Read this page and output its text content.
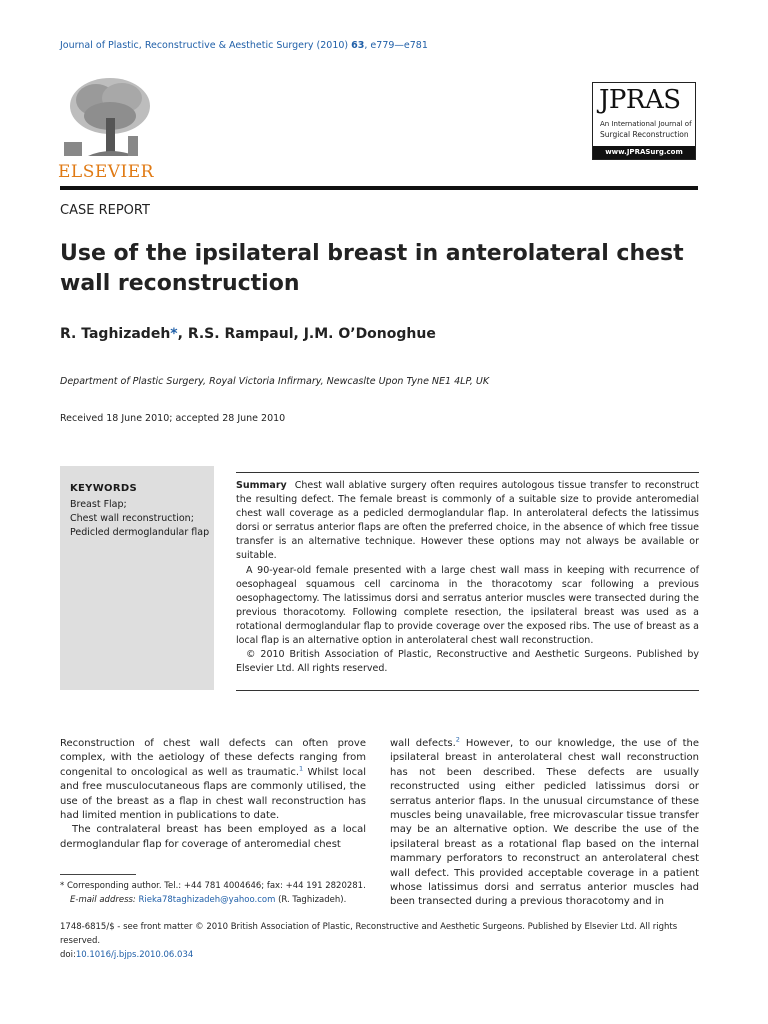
Journal of Plastic, Reconstructive & Aesthetic Surgery (2010) 63, e779—e781
ELSEVIER
JPRAS
An International Journal of
Surgical Reconstruction
www.JPRASurg.com
CASE REPORT
Use of the ipsilateral breast in anterolateral chest wall reconstruction
R. Taghizadeh*, R.S. Rampaul, J.M. O’Donoghue
Department of Plastic Surgery, Royal Victoria Infirmary, Newcaslte Upon Tyne NE1 4LP, UK
Received 18 June 2010; accepted 28 June 2010
KEYWORDS
Breast Flap;
Chest wall reconstruction;
Pedicled dermoglandular flap

Summary Chest wall ablative surgery often requires autologous tissue transfer to reconstruct the resulting defect. The female breast is commonly of a suitable size to provide anteromedial chest wall coverage as a pedicled dermoglandular flap. In anterolateral defects the latissimus dorsi or serratus anterior flaps are often the preferred choice, in the absence of which free tissue transfer is an alternative technique. However these options may not always be available or suitable.

A 90-year-old female presented with a large chest wall mass in keeping with recurrence of oesophageal squamous cell carcinoma in the thoracotomy scar following a previous oesophagectomy. The latissimus dorsi and serratus anterior muscles were transected during the previous thoracotomy. Following complete resection, the ipsilateral breast was used as a rotational dermoglandular flap to provide coverage over the exposed ribs. The use of breast as a local flap is an alternative option in anterolateral chest wall reconstruction.

© 2010 British Association of Plastic, Reconstructive and Aesthetic Surgeons. Published by Elsevier Ltd. All rights reserved.

Reconstruction of chest wall defects can often prove complex, with the aetiology of these defects ranging from congenital to oncological as well as traumatic.$^1$ Whilst local and free musculocutaneous flaps are commonly utilised, the use of the breast as a flap in chest wall reconstruction has had limited mention in publications to date.

The contralateral breast has been employed as a local dermoglandular flap for coverage of anteromedial chest

wall defects.$^2$ However, to our knowledge, the use of the ipsilateral breast in anterolateral chest wall reconstruction has not been described. These defects are usually reconstructed using either pedicled latissimus dorsi or serratus anterior flaps. In the unusual circumstance of these muscles being unavailable, free microvascular tissue transfer may be an alternative option. We describe the use of the ipsilateral breast as a rotational flap based on the internal mammary perforators to reconstruct an anterolateral chest wall defect. This provided acceptable coverage in a patient whose latissimus dorsi and serratus anterior muscles had been transected during a previous thoracotomy and in

* Corresponding author. Tel.: +44 781 4004646; fax: +44 191 2820281.
E-mail address: Rieka78taghizadeh@yahoo.com (R. Taghizadeh).
1748-6815/$ - see front matter © 2010 British Association of Plastic, Reconstructive and Aesthetic Surgeons. Published by Elsevier Ltd. All rights reserved.
doi:10.1016/j.bjps.2010.06.034
